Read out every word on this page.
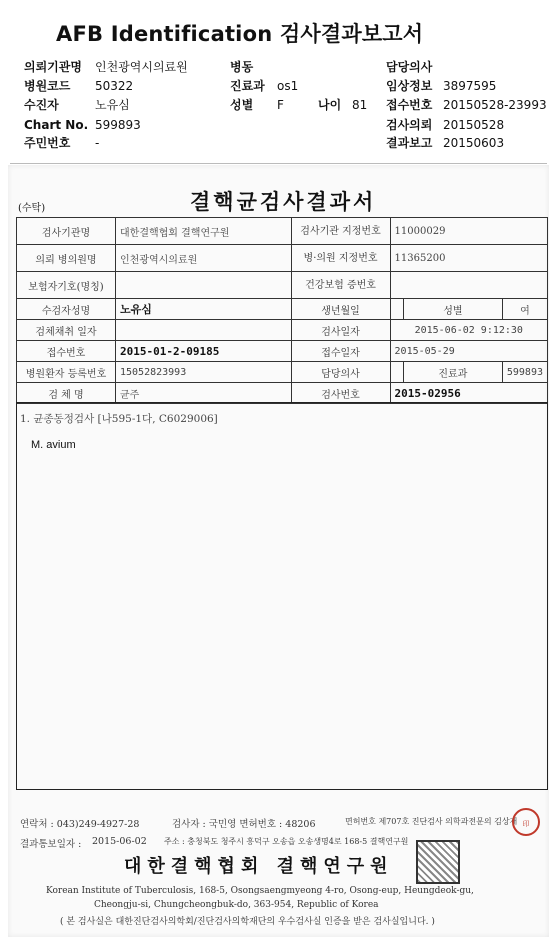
AFB Identification 검사결과보고서
의뢰기관명 인천광역시의료원	병동	담당의사
병원코드 50322	진료과 os1	임상정보 3897595
수진자	노유심	성별 F	나이 81 접수번호 20150528-23993
Chart No. 599893	검사의뢰 20150528
주민번호 -	결과보고 20150603
(수탁)	결핵균검사결과서
검사기관명	대한결핵협회 결핵연구원	검사기관 지정번호	11000029		
의뢰 병의원명	인천광역시의료원	병·의원 지정번호	11365200		
보험자기호(명칭)		건강보험 증번호			
수검자성명	노유심	생년월일		성별	여
검체채취 일자		검사일자	2015-06-02 9:12:30		
접수번호	2015-01-2-09185	접수일자	2015-05-29		
병원환자 등록번호	15052823993	담당의사		진료과	599893
검 체 명	균주	검사번호	2015-02956		
1. 균종동정검사 [나595-1다, C6029006]
M. avium
연락처 : 043)249-4927-28	검사자 : 국민영 면허번호 : 48206	면허번호 제707호 진단검사 의학과전문의 김상재 印
결과통보일자 : 2015-06-02 주소 : 충청북도 청주시 흥덕구 오송읍 오송생명4로 168-5 결핵연구원
대한결핵협회 결핵연구원
Korean Institute of Tuberculosis, 168-5, Osongsaengmyeong 4-ro, Osong-eup, Heungdeok-gu,
Cheongju-si, Chungcheongbuk-do, 363-954, Republic of Korea
( 본 검사실은 대한진단검사의학회/진단검사의학재단의 우수검사실 인증을 받은 검사실입니다. )
